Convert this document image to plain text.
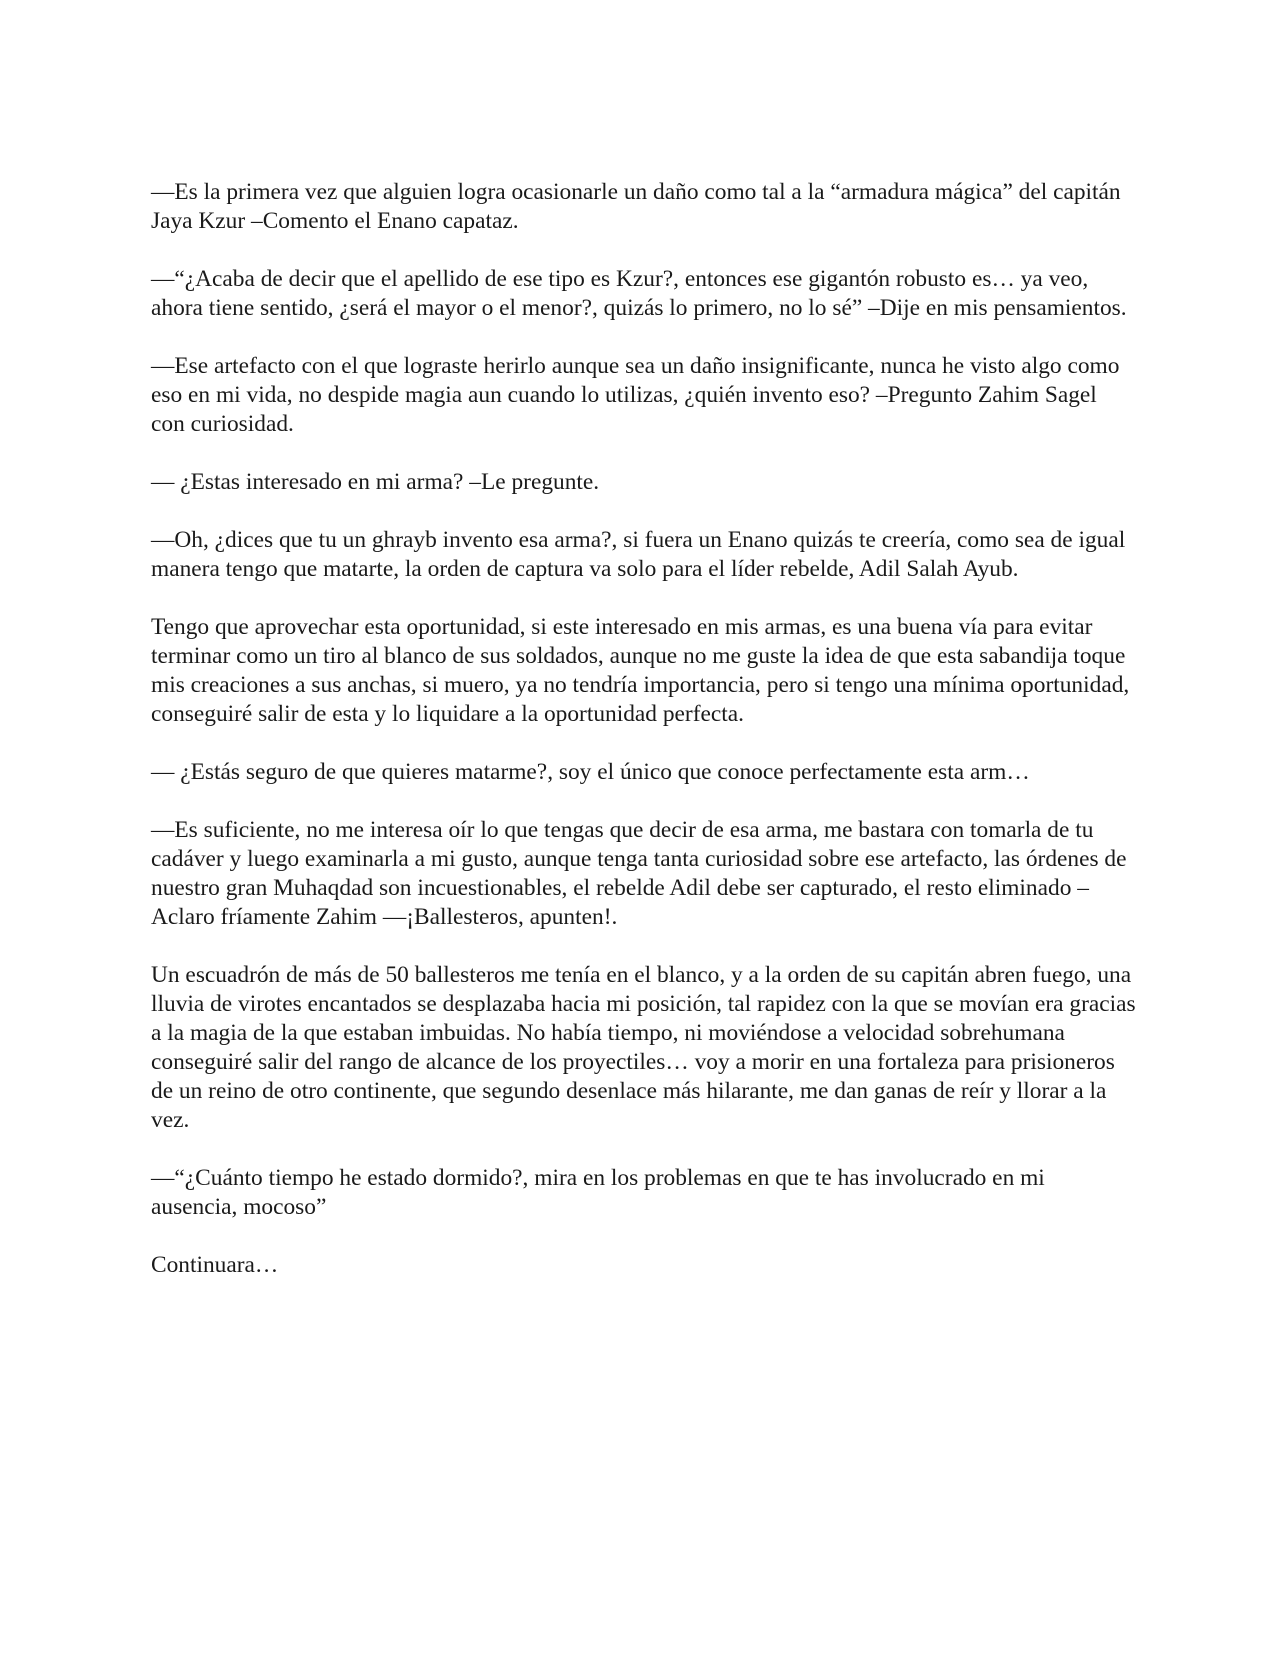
—Es la primera vez que alguien logra ocasionarle un daño como tal a la “armadura mágica” del capitán Jaya Kzur –Comento el Enano capataz.

—“¿Acaba de decir que el apellido de ese tipo es Kzur?, entonces ese gigantón robusto es… ya veo, ahora tiene sentido, ¿será el mayor o el menor?, quizás lo primero, no lo sé” –Dije en mis pensamientos.

—Ese artefacto con el que lograste herirlo aunque sea un daño insignificante, nunca he visto algo como eso en mi vida, no despide magia aun cuando lo utilizas, ¿quién invento eso? –Pregunto Zahim Sagel con curiosidad.

— ¿Estas interesado en mi arma? –Le pregunte.

—Oh, ¿dices que tu un ghrayb invento esa arma?, si fuera un Enano quizás te creería, como sea de igual manera tengo que matarte, la orden de captura va solo para el líder rebelde, Adil Salah Ayub.

Tengo que aprovechar esta oportunidad, si este interesado en mis armas, es una buena vía para evitar terminar como un tiro al blanco de sus soldados, aunque no me guste la idea de que esta sabandija toque mis creaciones a sus anchas, si muero, ya no tendría importancia, pero si tengo una mínima oportunidad, conseguiré salir de esta y lo liquidare a la oportunidad perfecta.

— ¿Estás seguro de que quieres matarme?, soy el único que conoce perfectamente esta arm…

—Es suficiente, no me interesa oír lo que tengas que decir de esa arma, me bastara con tomarla de tu cadáver y luego examinarla a mi gusto, aunque tenga tanta curiosidad sobre ese artefacto, las órdenes de nuestro gran Muhaqdad son incuestionables, el rebelde Adil debe ser capturado, el resto eliminado –Aclaro fríamente Zahim —¡Ballesteros, apunten!.

Un escuadrón de más de 50 ballesteros me tenía en el blanco, y a la orden de su capitán abren fuego, una lluvia de virotes encantados se desplazaba hacia mi posición, tal rapidez con la que se movían era gracias a la magia de la que estaban imbuidas. No había tiempo, ni moviéndose a velocidad sobrehumana conseguiré salir del rango de alcance de los proyectiles… voy a morir en una fortaleza para prisioneros de un reino de otro continente, que segundo desenlace más hilarante, me dan ganas de reír y llorar a la vez.

—“¿Cuánto tiempo he estado dormido?, mira en los problemas en que te has involucrado en mi ausencia, mocoso”

Continuara…
